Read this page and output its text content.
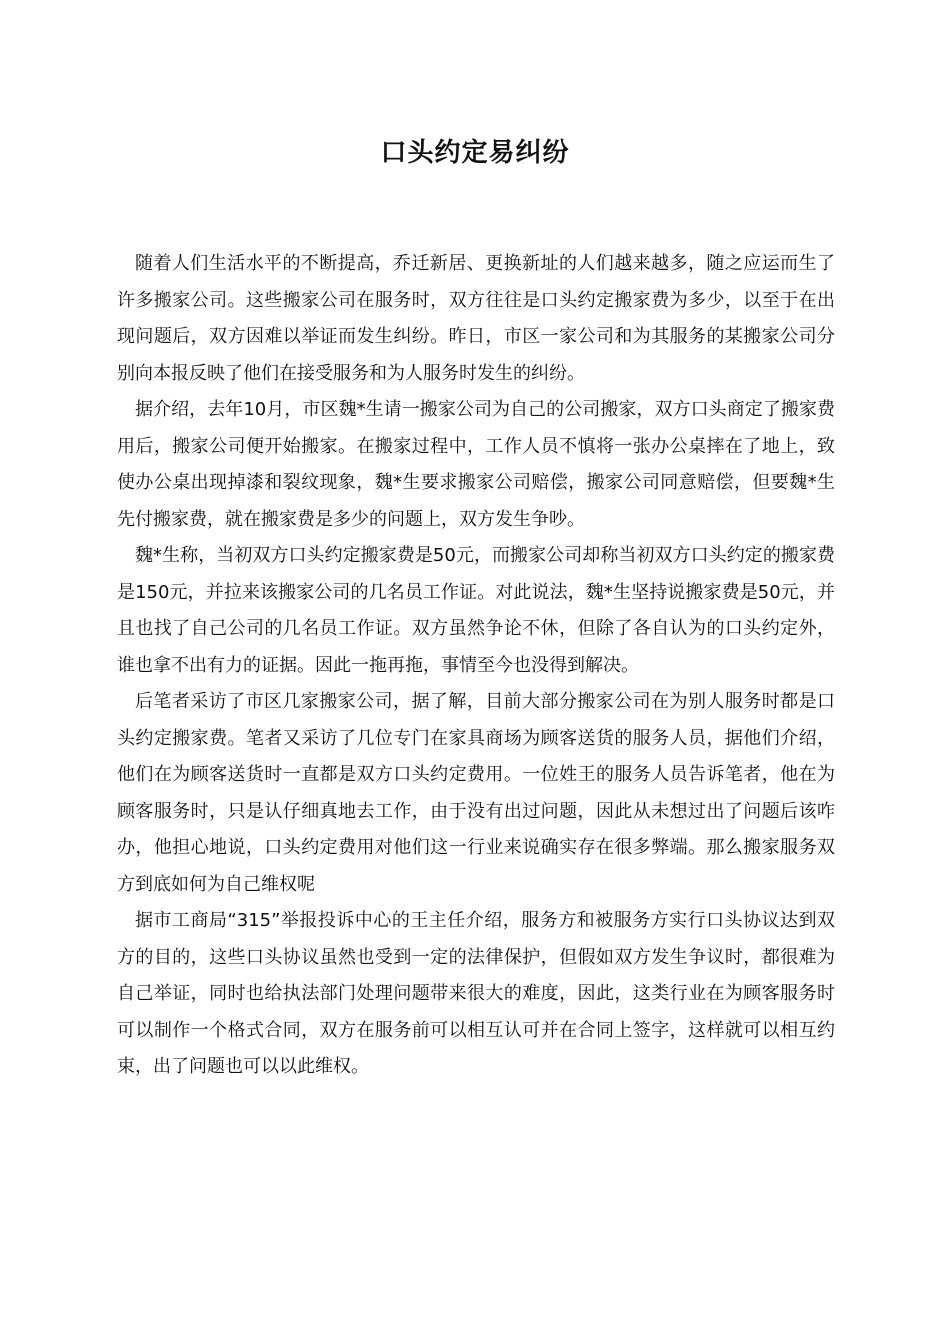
口头约定易纠纷

随着人们生活水平的不断提高，乔迁新居、更换新址的人们越来越多，随之应运而生了许多搬家公司。这些搬家公司在服务时，双方往往是口头约定搬家费为多少，以至于在出现问题后，双方因难以举证而发生纠纷。昨日，市区一家公司和为其服务的某搬家公司分别向本报反映了他们在接受服务和为人服务时发生的纠纷。

据介绍，去年10月，市区魏*生请一搬家公司为自己的公司搬家，双方口头商定了搬家费用后，搬家公司便开始搬家。在搬家过程中，工作人员不慎将一张办公桌摔在了地上，致使办公桌出现掉漆和裂纹现象，魏*生要求搬家公司赔偿，搬家公司同意赔偿，但要魏*生先付搬家费，就在搬家费是多少的问题上，双方发生争吵。

魏*生称，当初双方口头约定搬家费是50元，而搬家公司却称当初双方口头约定的搬家费是150元，并拉来该搬家公司的几名员工作证。对此说法，魏*生坚持说搬家费是50元，并且也找了自己公司的几名员工作证。双方虽然争论不休，但除了各自认为的口头约定外，谁也拿不出有力的证据。因此一拖再拖，事情至今也没得到解决。

后笔者采访了市区几家搬家公司，据了解，目前大部分搬家公司在为别人服务时都是口头约定搬家费。笔者又采访了几位专门在家具商场为顾客送货的服务人员，据他们介绍，他们在为顾客送货时一直都是双方口头约定费用。一位姓王的服务人员告诉笔者，他在为顾客服务时，只是认仔细真地去工作，由于没有出过问题，因此从未想过出了问题后该咋办，他担心地说，口头约定费用对他们这一行业来说确实存在很多弊端。那么搬家服务双方到底如何为自己维权呢

据市工商局“315”举报投诉中心的王主任介绍，服务方和被服务方实行口头协议达到双方的目的，这些口头协议虽然也受到一定的法律保护，但假如双方发生争议时，都很难为自己举证，同时也给执法部门处理问题带来很大的难度，因此，这类行业在为顾客服务时可以制作一个格式合同，双方在服务前可以相互认可并在合同上签字，这样就可以相互约束，出了问题也可以以此维权。
